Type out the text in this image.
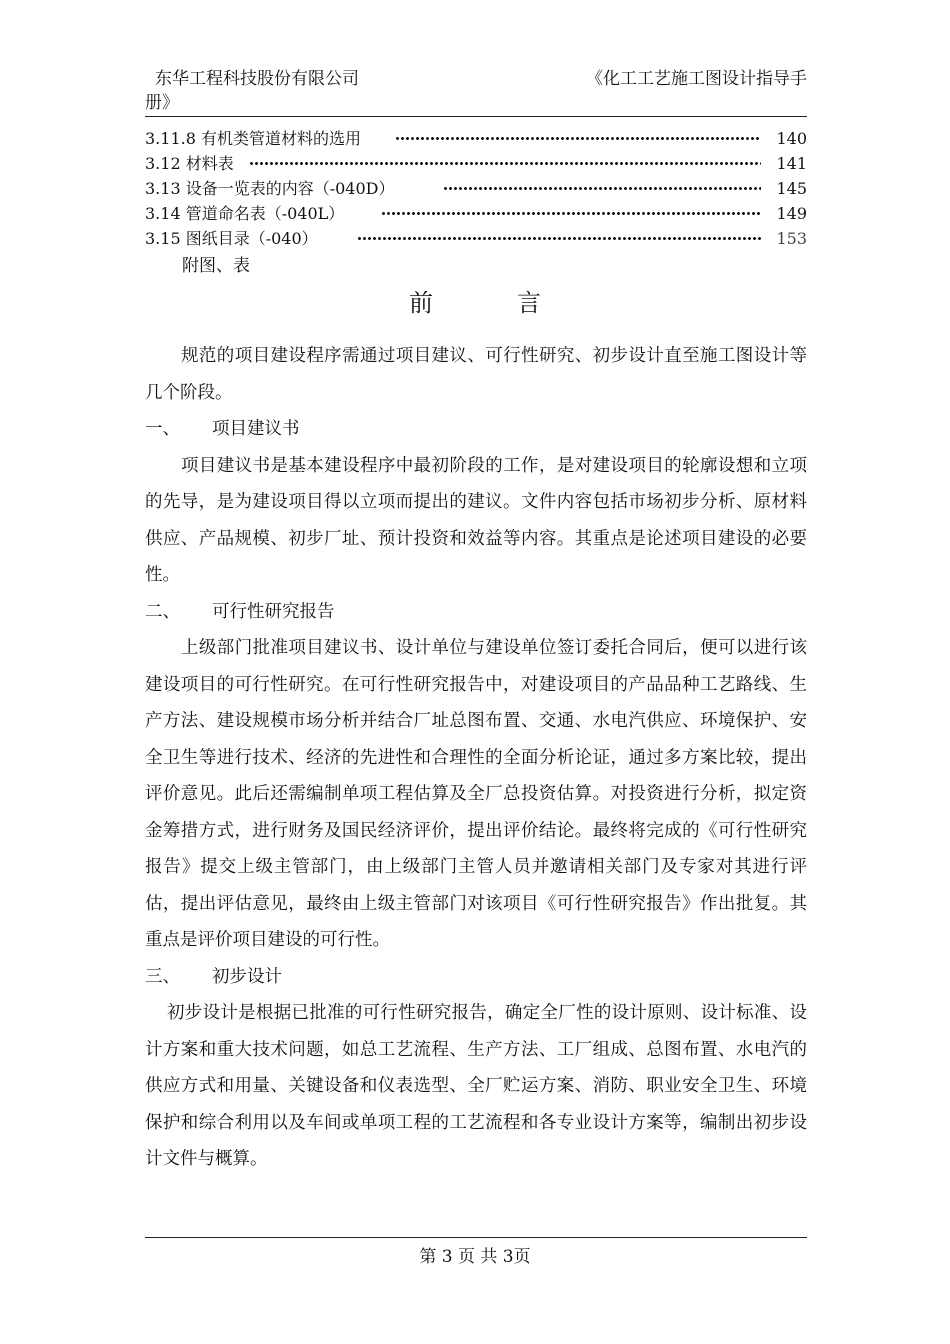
东华工程科技股份有限公司	《化工工艺施工图设计指导手
册》
3.11.8 有机类管道材料的选用	140
3.12 材料表	141
3.13 设备一览表的内容（-040D）	145
3.14 管道命名表（-040L）	149
3.15 图纸目录（-040）	153
附图、表
前	言

规范的项目建设程序需通过项目建议、可行性研究、初步设计直至施工图设计等几个阶段。

一、	项目建议书

项目建议书是基本建设程序中最初阶段的工作，是对建设项目的轮廓设想和立项的先导，是为建设项目得以立项而提出的建议。文件内容包括市场初步分析、原材料供应、产品规模、初步厂址、预计投资和效益等内容。其重点是论述项目建设的必要性。

二、	可行性研究报告

上级部门批准项目建议书、设计单位与建设单位签订委托合同后，便可以进行该建设项目的可行性研究。在可行性研究报告中，对建设项目的产品品种工艺路线、生产方法、建设规模市场分析并结合厂址总图布置、交通、水电汽供应、环境保护、安全卫生等进行技术、经济的先进性和合理性的全面分析论证，通过多方案比较，提出评价意见。此后还需编制单项工程估算及全厂总投资估算。对投资进行分析，拟定资金筹措方式，进行财务及国民经济评价，提出评价结论。最终将完成的《可行性研究报告》提交上级主管部门，由上级部门主管人员并邀请相关部门及专家对其进行评估，提出评估意见，最终由上级主管部门对该项目《可行性研究报告》作出批复。其重点是评价项目建设的可行性。

三、	初步设计

初步设计是根据已批准的可行性研究报告，确定全厂性的设计原则、设计标准、设计方案和重大技术问题，如总工艺流程、生产方法、工厂组成、总图布置、水电汽的供应方式和用量、关键设备和仪表选型、全厂贮运方案、消防、职业安全卫生、环境保护和综合利用以及车间或单项工程的工艺流程和各专业设计方案等，编制出初步设计文件与概算。

第 3 页 共 3页
